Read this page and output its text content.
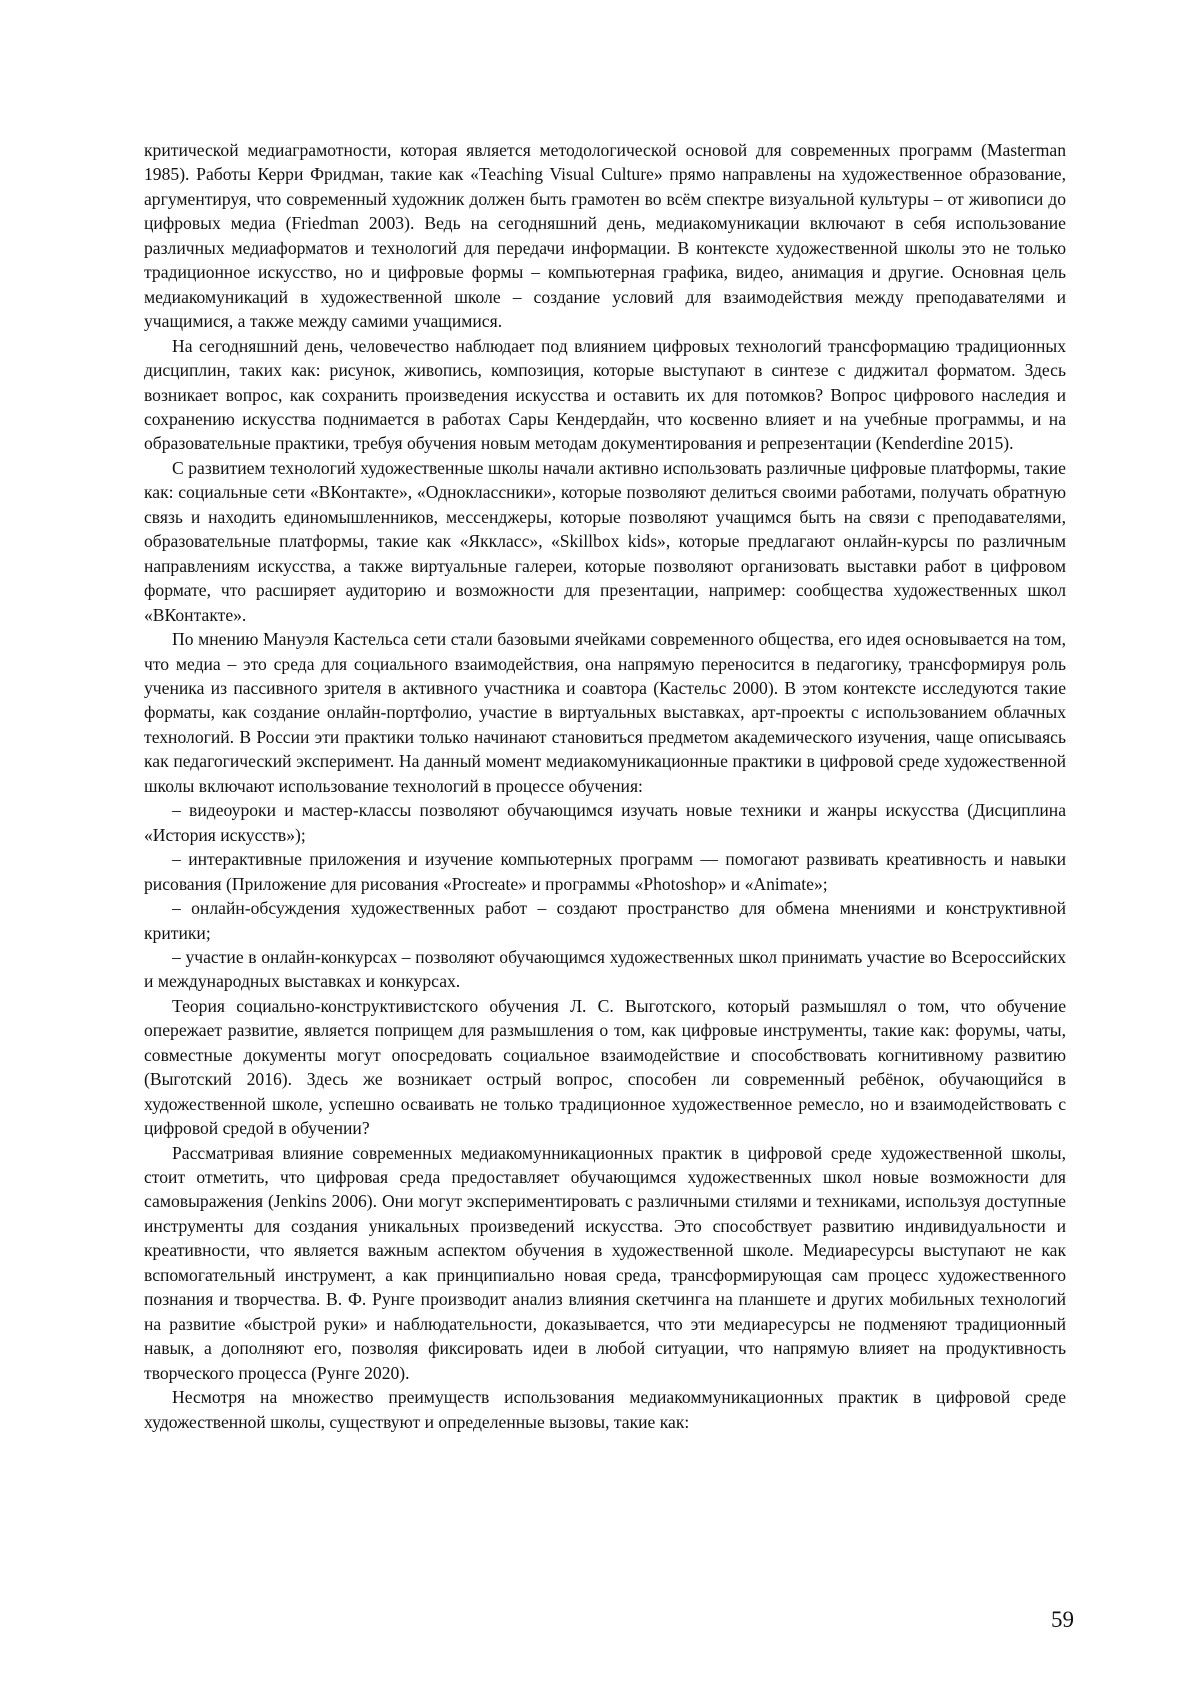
критической медиаграмотности, которая является методологической основой для современных программ (Masterman 1985). Работы Керри Фридман, такие как «Teaching Visual Culture» прямо направлены на художественное образование, аргументируя, что современный художник должен быть грамотен во всём спектре визуальной культуры – от живописи до цифровых медиа (Friedman 2003). Ведь на сегодняшний день, медиакомуникации включают в себя использование различных медиаформатов и технологий для передачи информации. В контексте художественной школы это не только традиционное искусство, но и цифровые формы – компьютерная графика, видео, анимация и другие. Основная цель медиакомуникаций в художественной школе – создание условий для взаимодействия между преподавателями и учащимися, а также между самими учащимися.

На сегодняшний день, человечество наблюдает под влиянием цифровых технологий трансформацию традиционных дисциплин, таких как: рисунок, живопись, композиция, которые выступают в синтезе с диджитал форматом. Здесь возникает вопрос, как сохранить произведения искусства и оставить их для потомков? Вопрос цифрового наследия и сохранению искусства поднимается в работах Сары Кендердайн, что косвенно влияет и на учебные программы, и на образовательные практики, требуя обучения новым методам документирования и репрезентации (Kenderdine 2015).

С развитием технологий художественные школы начали активно использовать различные цифровые платформы, такие как: социальные сети «ВКонтакте», «Одноклассники», которые позволяют делиться своими работами, получать обратную связь и находить единомышленников, мессенджеры, которые позволяют учащимся быть на связи с преподавателями, образовательные платформы, такие как «Яккласс», «Skillbox kids», которые предлагают онлайн-курсы по различным направлениям искусства, а также виртуальные галереи, которые позволяют организовать выставки работ в цифровом формате, что расширяет аудиторию и возможности для презентации, например: сообщества художественных школ «ВКонтакте».

По мнению Мануэля Кастельса сети стали базовыми ячейками современного общества, его идея основывается на том, что медиа – это среда для социального взаимодействия, она напрямую переносится в педагогику, трансформируя роль ученика из пассивного зрителя в активного участника и соавтора (Кастельс 2000). В этом контексте исследуются такие форматы, как создание онлайн-портфолио, участие в виртуальных выставках, арт-проекты с использованием облачных технологий. В России эти практики только начинают становиться предметом академического изучения, чаще описываясь как педагогический эксперимент. На данный момент медиакомуникационные практики в цифровой среде художественной школы включают использование технологий в процессе обучения:

– видеоуроки и мастер-классы позволяют обучающимся изучать новые техники и жанры искусства (Дисциплина «История искусств»);

– интерактивные приложения и изучение компьютерных программ — помогают развивать креативность и навыки рисования (Приложение для рисования «Procreate» и программы «Photoshop» и «Animate»;

– онлайн-обсуждения художественных работ – создают пространство для обмена мнениями и конструктивной критики;

– участие в онлайн-конкурсах – позволяют обучающимся художественных школ принимать участие во Всероссийских и международных выставках и конкурсах.

Теория социально-конструктивистского обучения Л. С. Выготского, который размышлял о том, что обучение опережает развитие, является поприщем для размышления о том, как цифровые инструменты, такие как: форумы, чаты, совместные документы могут опосредовать социальное взаимодействие и способствовать когнитивному развитию (Выготский 2016). Здесь же возникает острый вопрос, способен ли современный ребёнок, обучающийся в художественной школе, успешно осваивать не только традиционное художественное ремесло, но и взаимодействовать с цифровой средой в обучении?

Рассматривая влияние современных медиакомунникационных практик в цифровой среде художественной школы, стоит отметить, что цифровая среда предоставляет обучающимся художественных школ новые возможности для самовыражения (Jenkins 2006). Они могут экспериментировать с различными стилями и техниками, используя доступные инструменты для создания уникальных произведений искусства. Это способствует развитию индивидуальности и креативности, что является важным аспектом обучения в художественной школе. Медиаресурсы выступают не как вспомогательный инструмент, а как принципиально новая среда, трансформирующая сам процесс художественного познания и творчества. В. Ф. Рунге производит анализ влияния скетчинга на планшете и других мобильных технологий на развитие «быстрой руки» и наблюдательности, доказывается, что эти медиаресурсы не подменяют традиционный навык, а дополняют его, позволяя фиксировать идеи в любой ситуации, что напрямую влияет на продуктивность творческого процесса (Рунге 2020).

Несмотря на множество преимуществ использования медиакоммуникационных практик в цифровой среде художественной школы, существуют и определенные вызовы, такие как:

59
